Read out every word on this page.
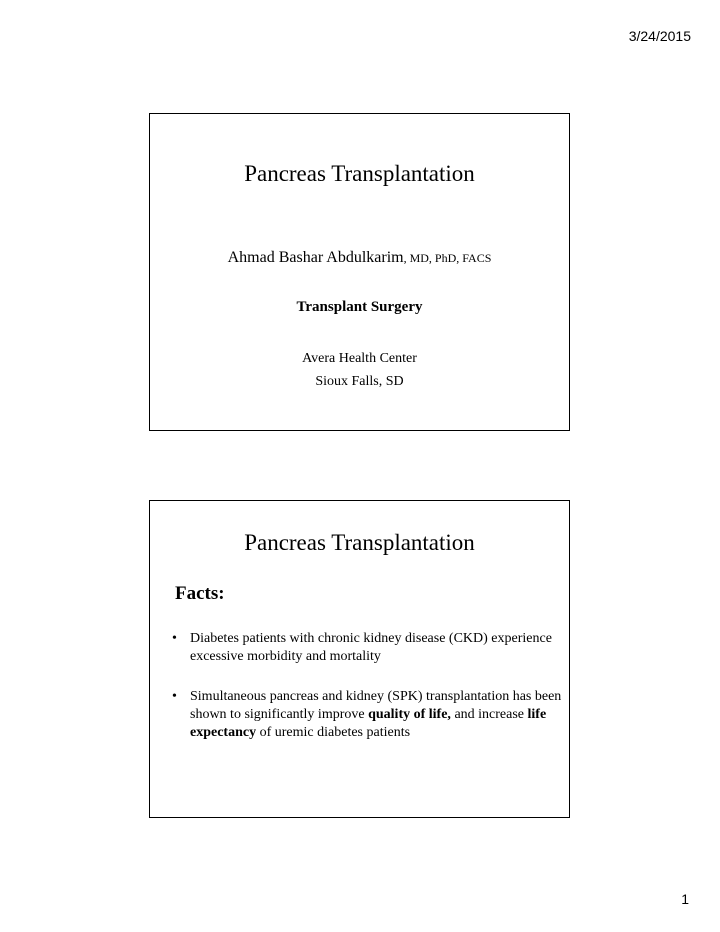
3/24/2015
Pancreas Transplantation
Ahmad Bashar Abdulkarim, MD, PhD, FACS
Transplant Surgery
Avera Health Center
Sioux Falls, SD
Pancreas Transplantation
Facts:
• Diabetes patients with chronic kidney disease (CKD) experience excessive morbidity and mortality
• Simultaneous pancreas and kidney (SPK) transplantation has been shown to significantly improve quality of life, and increase life expectancy of uremic diabetes patients
1
